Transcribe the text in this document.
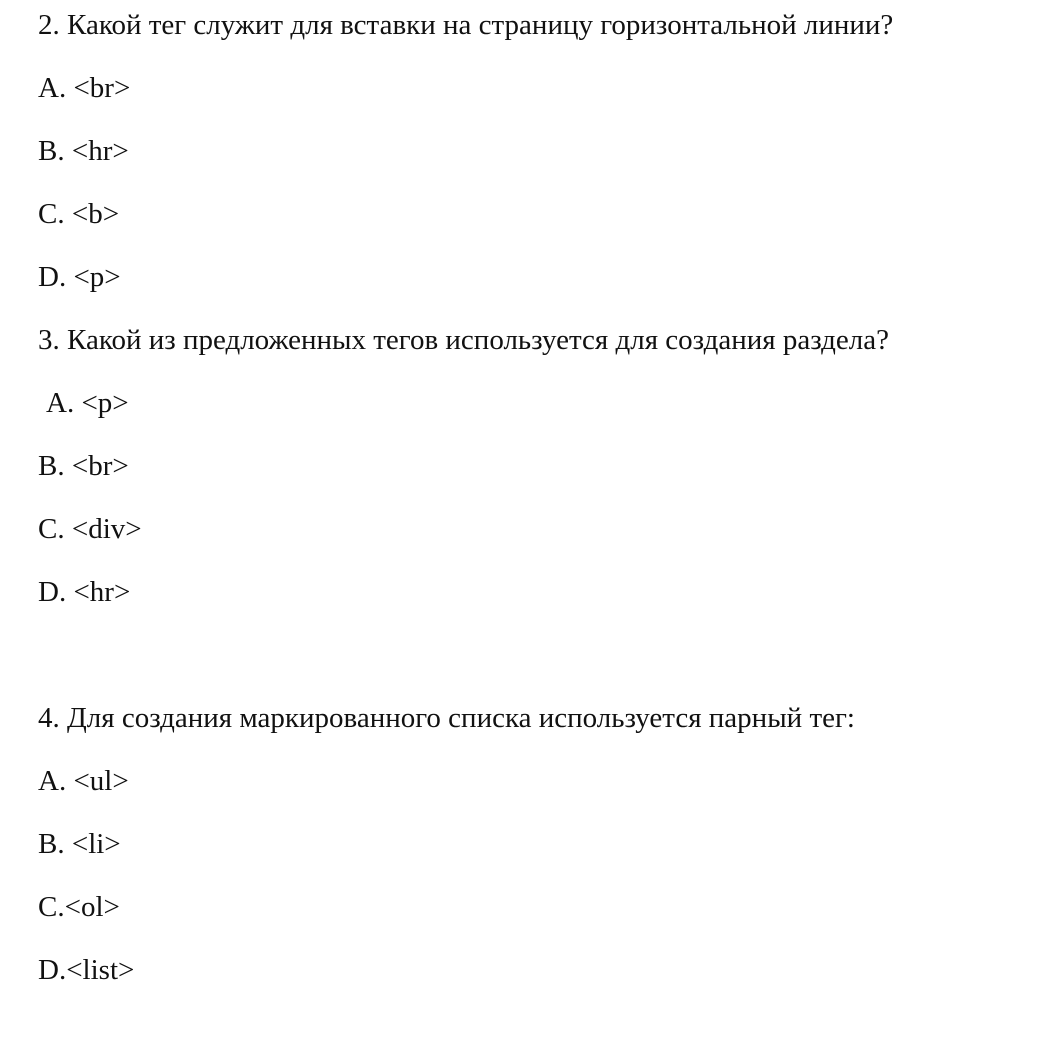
2. Какой тег служит для вставки на страницу горизонтальной линии?
A. <br>
B. <hr>
C. <b>
D. <p>
3. Какой из предложенных тегов используется для создания раздела?
A. <p>
B. <br>
C. <div>
D. <hr>
4. Для создания маркированного списка используется парный тег:
A. <ul>
B. <li>
C.<ol>
D.<list>
